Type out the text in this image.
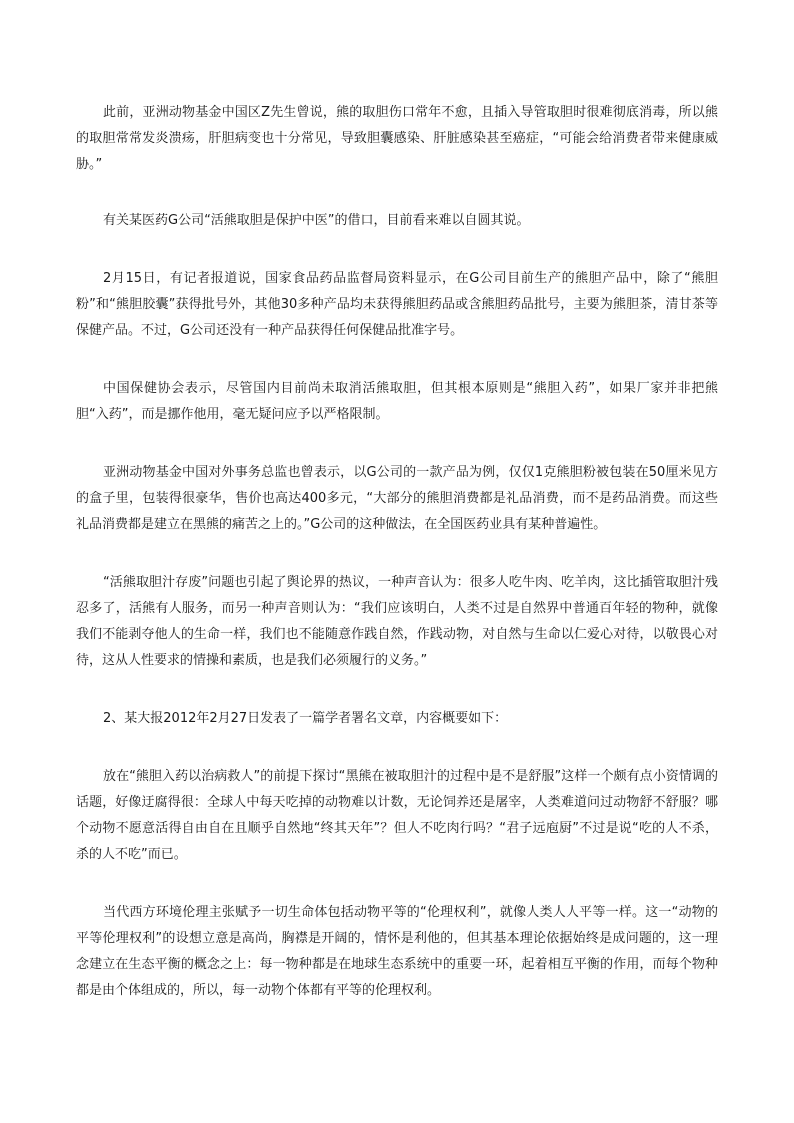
此前，亚洲动物基金中国区Z先生曾说，熊的取胆伤口常年不愈，且插入导管取胆时很难彻底消毒，所以熊的取胆常常发炎溃疡，肝胆病变也十分常见，导致胆囊感染、肝脏感染甚至癌症，“可能会给消费者带来健康威胁。”

有关某医药G公司“活熊取胆是保护中医”的借口，目前看来难以自圆其说。

2月15日，有记者报道说，国家食品药品监督局资料显示，在G公司目前生产的熊胆产品中，除了“熊胆粉”和“熊胆胶囊”获得批号外，其他30多种产品均未获得熊胆药品或含熊胆药品批号，主要为熊胆茶，清甘茶等保健产品。不过，G公司还没有一种产品获得任何保健品批准字号。

中国保健协会表示，尽管国内目前尚未取消活熊取胆，但其根本原则是“熊胆入药”，如果厂家并非把熊胆“入药”，而是挪作他用，毫无疑问应予以严格限制。

亚洲动物基金中国对外事务总监也曾表示，以G公司的一款产品为例，仅仅1克熊胆粉被包装在50厘米见方的盒子里，包装得很豪华，售价也高达400多元，“大部分的熊胆消费都是礼品消费，而不是药品消费。而这些礼品消费都是建立在黑熊的痛苦之上的。”G公司的这种做法，在全国医药业具有某种普遍性。

“活熊取胆汁存废”问题也引起了舆论界的热议，一种声音认为：很多人吃牛肉、吃羊肉，这比插管取胆汁残忍多了，活熊有人服务，而另一种声音则认为：“我们应该明白，人类不过是自然界中普通百年轻的物种，就像我们不能剥夺他人的生命一样，我们也不能随意作践自然，作践动物，对自然与生命以仁爱心对待，以敬畏心对待，这从人性要求的情操和素质，也是我们必须履行的义务。”

2、某大报2012年2月27日发表了一篇学者署名文章，内容概要如下：

放在“熊胆入药以治病救人”的前提下探讨“黑熊在被取胆汁的过程中是不是舒服”这样一个颇有点小资情调的话题，好像迂腐得很：全球人中每天吃掉的动物难以计数，无论饲养还是屠宰，人类难道问过动物舒不舒服？哪个动物不愿意活得自由自在且顺乎自然地“终其天年”？但人不吃肉行吗？“君子远庖厨”不过是说“吃的人不杀，杀的人不吃”而已。

当代西方环境伦理主张赋予一切生命体包括动物平等的“伦理权利”，就像人类人人平等一样。这一“动物的平等伦理权利”的设想立意是高尚，胸襟是开阔的，情怀是利他的，但其基本理论依据始终是成问题的，这一理念建立在生态平衡的概念之上：每一物种都是在地球生态系统中的重要一环，起着相互平衡的作用，而每个物种都是由个体组成的，所以，每一动物个体都有平等的伦理权利。
